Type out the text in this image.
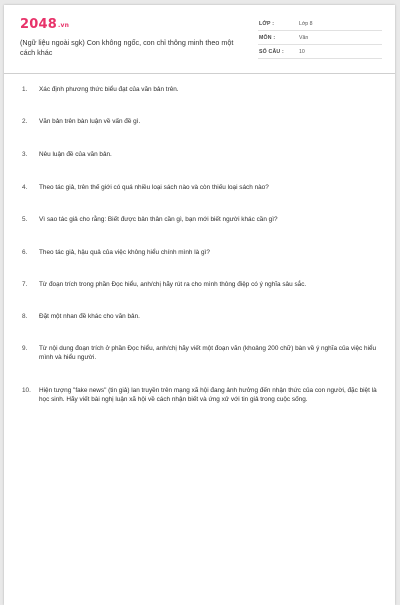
2048.vn
(Ngữ liệu ngoài sgk) Con không ngốc, con chỉ thông minh theo một cách khác
LỚP :	Lớp 8
MÔN :	Văn
SỐ CÂU :	10
1.	Xác định phương thức biểu đạt của văn bản trên.
2.	Văn bản trên bàn luận về vấn đề gì.
3.	Nêu luận đề của văn bản.
4.	Theo tác giả, trên thế giới có quá nhiều loại sách nào và còn thiếu loại sách nào?
5.	Vì sao tác giả cho rằng: Biết được bản thân cần gì, bạn mới biết người khác cần gì?
6.	Theo tác giả, hậu quả của việc không hiểu chính mình là gì?
7.	Từ đoạn trích trong phần Đọc hiểu, anh/chị hãy rút ra cho mình thông điệp có ý nghĩa sâu sắc.
8.	Đặt một nhan đề khác cho văn bản.
9.	Từ nội dung đoạn trích ở phần Đọc hiểu, anh/chị hãy viết một đoạn văn (khoảng 200 chữ) bàn về ý nghĩa của việc hiểu mình và hiểu người.
10.	Hiện tượng "fake news" (tin giả) lan truyền trên mạng xã hội đang ảnh hưởng đến nhận thức của con người, đặc biệt là học sinh. Hãy viết bài nghị luận xã hội về cách nhận biết và ứng xử với tin giả trong cuộc sống.
